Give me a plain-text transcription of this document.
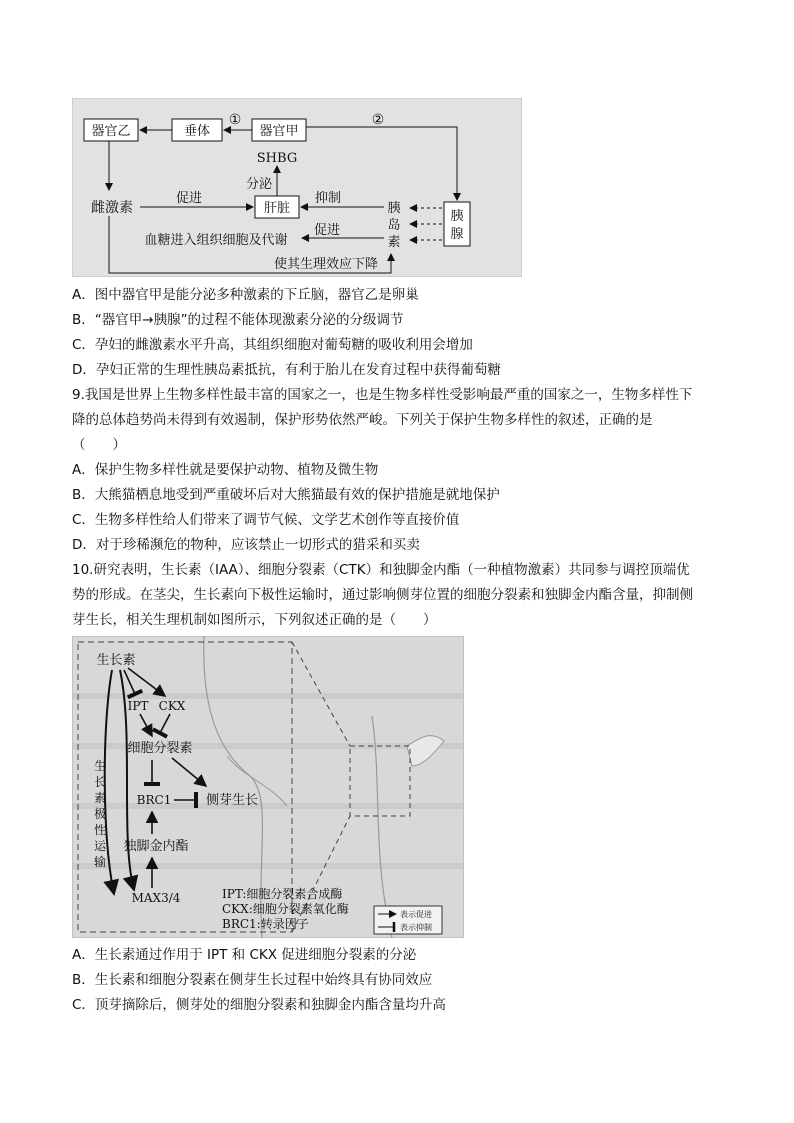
器官乙	垂体	器官甲
肝脏
胰
腺
①	②
雌激素
促进
SHBG
分泌
抑制
胰
岛
素
促进
血糖进入组织细胞及代谢
使其生理效应下降
A．图中器官甲是能分泌多种激素的下丘脑，器官乙是卵巢
B．“器官甲→胰腺”的过程不能体现激素分泌的分级调节
C．孕妇的雌激素水平升高，其组织细胞对葡萄糖的吸收利用会增加
D．孕妇正常的生理性胰岛素抵抗，有利于胎儿在发育过程中获得葡萄糖
9.我国是世界上生物多样性最丰富的国家之一，也是生物多样性受影响最严重的国家之一，生物多样性下
降的总体趋势尚未得到有效遏制，保护形势依然严峻。下列关于保护生物多样性的叙述，正确的是
（　　）
A．保护生物多样性就是要保护动物、植物及微生物
B．大熊猫栖息地受到严重破坏后对大熊猫最有效的保护措施是就地保护
C．生物多样性给人们带来了调节气候、文学艺术创作等直接价值
D．对于珍稀濒危的物种，应该禁止一切形式的猎采和买卖
10.研究表明，生长素（IAA）、细胞分裂素（CTK）和独脚金内酯（一种植物激素）共同参与调控顶端优
势的形成。在茎尖，生长素向下极性运输时，通过影响侧芽位置的细胞分裂素和独脚金内酯含量，抑制侧
芽生长，相关生理机制如图所示，下列叙述正确的是（　　）
生长素
IPT CKX
细胞分裂素
BRC1	侧芽生长
独脚金内酯
MAX3/4
生
长
素
极
性
运
输
IPT:细胞分裂素合成酶
CKX:细胞分裂素氧化酶
BRC1:转录因子
表示促进
表示抑制
A．生长素通过作用于 IPT 和 CKX 促进细胞分裂素的分泌
B．生长素和细胞分裂素在侧芽生长过程中始终具有协同效应
C．顶芽摘除后，侧芽处的细胞分裂素和独脚金内酯含量均升高
